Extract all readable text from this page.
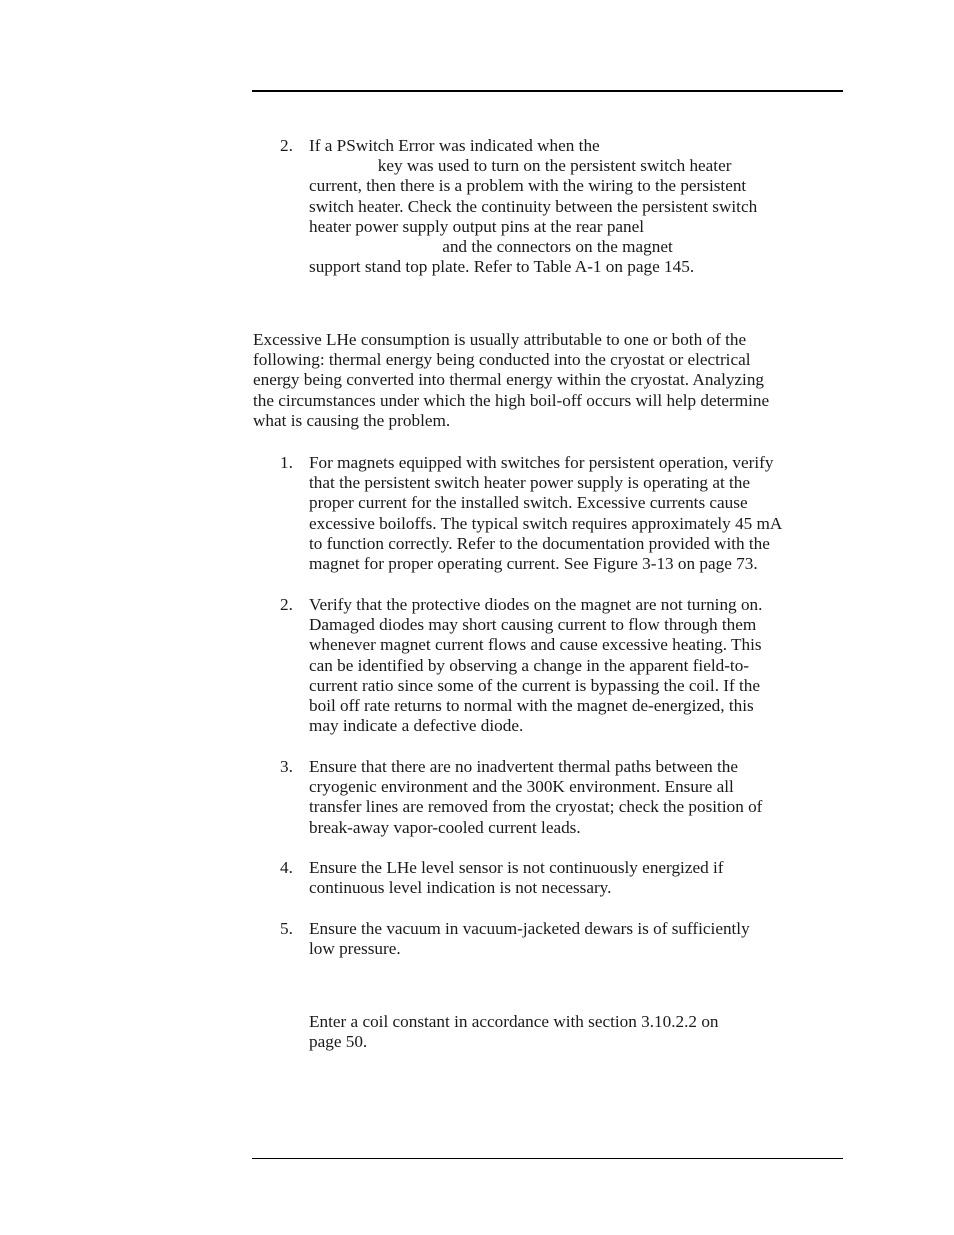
2. If a PSwitch Error was indicated when the
key was used to turn on the persistent switch heater
current, then there is a problem with the wiring to the persistent
switch heater. Check the continuity between the persistent switch
heater power supply output pins at the rear panel
and the connectors on the magnet
support stand top plate. Refer to Table A-1 on page 145.
Excessive LHe consumption is usually attributable to one or both of the
following: thermal energy being conducted into the cryostat or electrical
energy being converted into thermal energy within the cryostat. Analyzing
the circumstances under which the high boil-off occurs will help determine
what is causing the problem.
1. For magnets equipped with switches for persistent operation, verify
that the persistent switch heater power supply is operating at the
proper current for the installed switch. Excessive currents cause
excessive boiloffs. The typical switch requires approximately 45 mA
to function correctly. Refer to the documentation provided with the
magnet for proper operating current. See Figure 3-13 on page 73.
2. Verify that the protective diodes on the magnet are not turning on.
Damaged diodes may short causing current to flow through them
whenever magnet current flows and cause excessive heating. This
can be identified by observing a change in the apparent field-to-
current ratio since some of the current is bypassing the coil. If the
boil off rate returns to normal with the magnet de-energized, this
may indicate a defective diode.
3. Ensure that there are no inadvertent thermal paths between the
cryogenic environment and the 300K environment. Ensure all
transfer lines are removed from the cryostat; check the position of
break-away vapor-cooled current leads.
4. Ensure the LHe level sensor is not continuously energized if
continuous level indication is not necessary.
5. Ensure the vacuum in vacuum-jacketed dewars is of sufficiently
low pressure.
Enter a coil constant in accordance with section 3.10.2.2 on
page 50.
